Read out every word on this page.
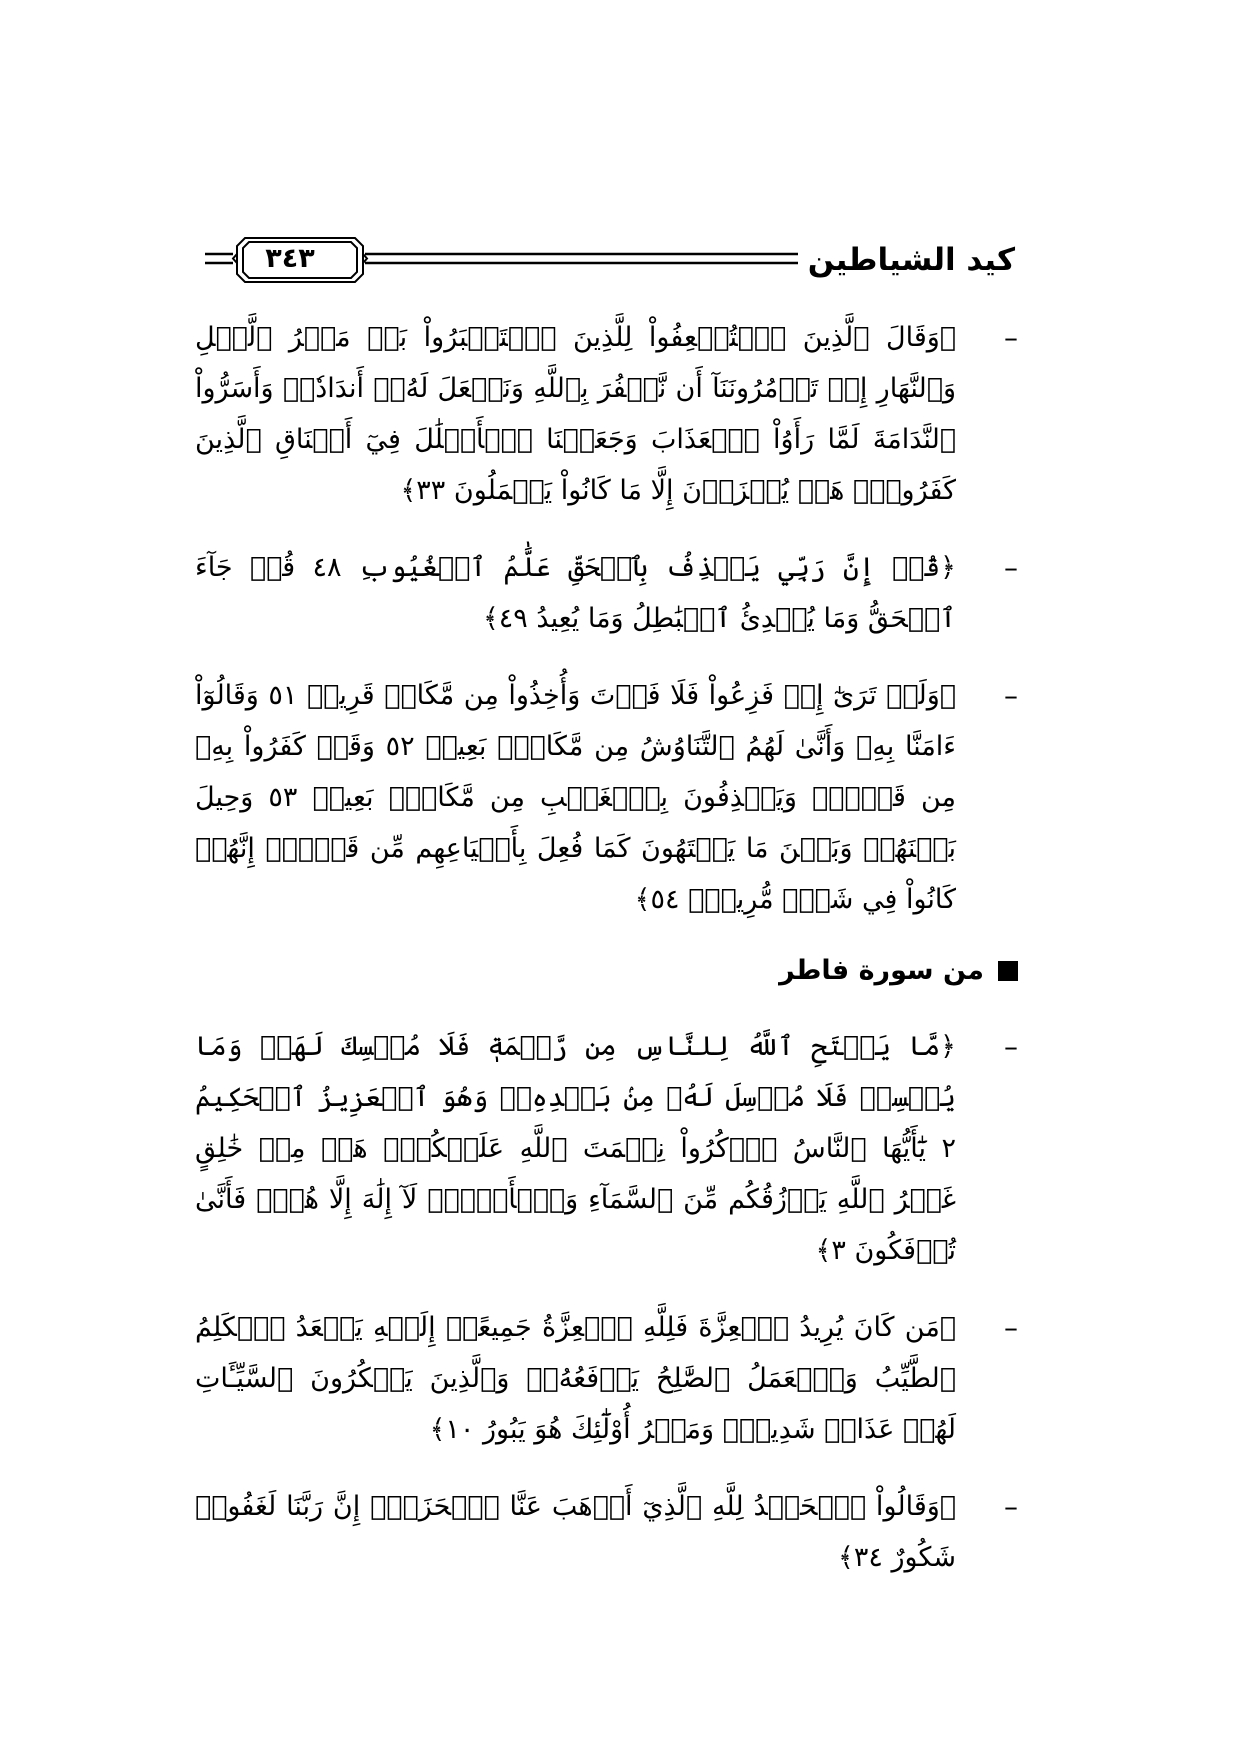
٣٤٣	كيد الشياطين
–
﴿وَقَالَ ٱلَّذِينَ ٱسۡتُضۡعِفُواْ لِلَّذِينَ ٱسۡتَكۡبَرُواْ بَلۡ مَكۡرُ ٱلَّيۡلِ وَٱلنَّهَارِ إِذۡ تَأۡمُرُونَنَآ أَن نَّكۡفُرَ بِٱللَّهِ وَنَجۡعَلَ لَهُۥٓ أَندَادٗاۚ وَأَسَرُّواْ ٱلنَّدَامَةَ لَمَّا رَأَوُاْ ٱلۡعَذَابَ وَجَعَلۡنَا ٱلۡأَغۡلَٰلَ فِيٓ أَعۡنَاقِ ٱلَّذِينَ كَفَرُواْۖ هَلۡ يُجۡزَوۡنَ إِلَّا مَا كَانُواْ يَعۡمَلُونَ ٣٣﴾
–
﴿قُلۡ إِنَّ رَبِّي يَقۡذِفُ بِٱلۡحَقِّ عَلَّٰمُ ٱلۡغُيُوبِ ٤٨ قُلۡ جَآءَ ٱلۡحَقُّ وَمَا يُبۡدِئُ ٱلۡبَٰطِلُ وَمَا يُعِيدُ ٤٩﴾
–
﴿وَلَوۡ تَرَىٰٓ إِذۡ فَزِعُواْ فَلَا فَوۡتَ وَأُخِذُواْ مِن مَّكَانٖ قَرِيبٖ ٥١ وَقَالُوٓاْ ءَامَنَّا بِهِۦ وَأَنَّىٰ لَهُمُ ٱلتَّنَاوُشُ مِن مَّكَانِۭ بَعِيدٖ ٥٢ وَقَدۡ كَفَرُواْ بِهِۦ مِن قَبۡلُۖ وَيَقۡذِفُونَ بِٱلۡغَيۡبِ مِن مَّكَانِۭ بَعِيدٖ ٥٣ وَحِيلَ بَيۡنَهُمۡ وَبَيۡنَ مَا يَشۡتَهُونَ كَمَا فُعِلَ بِأَشۡيَاعِهِم مِّن قَبۡلُۚ إِنَّهُمۡ كَانُواْ فِي شَكّٖ مُّرِيبِۭ ٥٤﴾
من سورة فاطر
–
﴿مَّا يَفۡتَحِ ٱللَّهُ لِلنَّاسِ مِن رَّحۡمَةٖ فَلَا مُمۡسِكَ لَهَاۖ وَمَا يُمۡسِكۡ فَلَا مُرۡسِلَ لَهُۥ مِنۢ بَعۡدِهِۦۚ وَهُوَ ٱلۡعَزِيزُ ٱلۡحَكِيمُ ٢ يَٰٓأَيُّهَا ٱلنَّاسُ ٱذۡكُرُواْ نِعۡمَتَ ٱللَّهِ عَلَيۡكُمۡۚ هَلۡ مِنۡ خَٰلِقٍ غَيۡرُ ٱللَّهِ يَرۡزُقُكُم مِّنَ ٱلسَّمَآءِ وَٱلۡأَرۡضِۚ لَآ إِلَٰهَ إِلَّا هُوَۖ فَأَنَّىٰ تُؤۡفَكُونَ ٣﴾
–
﴿مَن كَانَ يُرِيدُ ٱلۡعِزَّةَ فَلِلَّهِ ٱلۡعِزَّةُ جَمِيعًاۚ إِلَيۡهِ يَصۡعَدُ ٱلۡكَلِمُ ٱلطَّيِّبُ وَٱلۡعَمَلُ ٱلصَّٰلِحُ يَرۡفَعُهُۥۚ وَٱلَّذِينَ يَمۡكُرُونَ ٱلسَّيِّـَٔاتِ لَهُمۡ عَذَابٞ شَدِيدٞۖ وَمَكۡرُ أُوْلَٰٓئِكَ هُوَ يَبُورُ ١٠﴾
–
﴿وَقَالُواْ ٱلۡحَمۡدُ لِلَّهِ ٱلَّذِيٓ أَذۡهَبَ عَنَّا ٱلۡحَزَنَۖ إِنَّ رَبَّنَا لَغَفُورٞ شَكُورٌ ٣٤﴾
